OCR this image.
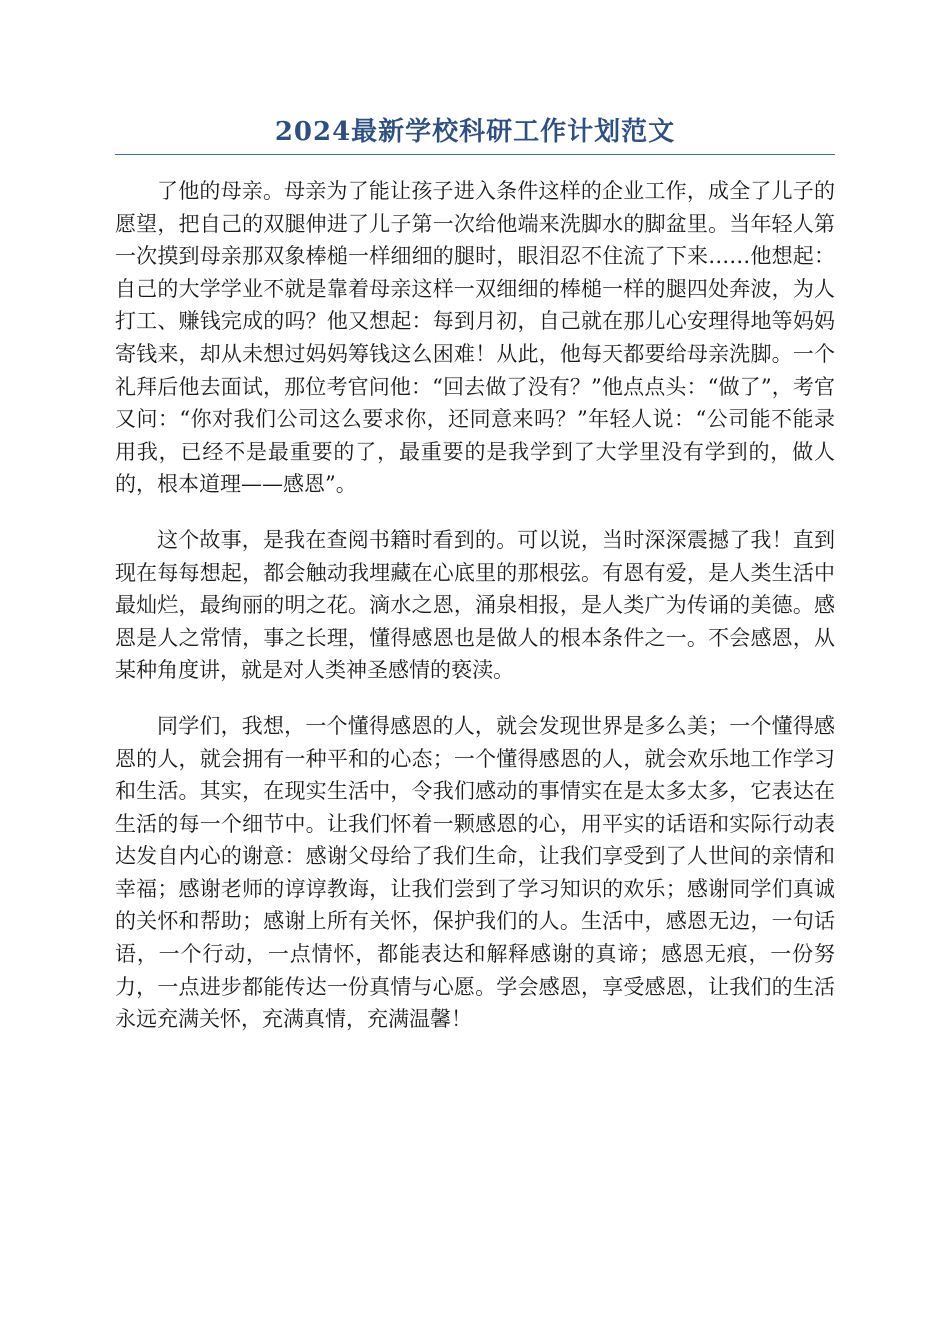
2024最新学校科研工作计划范文

了他的母亲。母亲为了能让孩子进入条件这样的企业工作，成全了儿子的愿望，把自己的双腿伸进了儿子第一次给他端来洗脚水的脚盆里。当年轻人第一次摸到母亲那双象棒槌一样细细的腿时，眼泪忍不住流了下来……他想起：自己的大学学业不就是靠着母亲这样一双细细的棒槌一样的腿四处奔波，为人打工、赚钱完成的吗？他又想起：每到月初，自己就在那儿心安理得地等妈妈寄钱来，却从未想过妈妈筹钱这么困难！从此，他每天都要给母亲洗脚。一个礼拜后他去面试，那位考官问他：“回去做了没有？”他点点头：“做了”，考官又问：“你对我们公司这么要求你，还同意来吗？”年轻人说：“公司能不能录用我，已经不是最重要的了，最重要的是我学到了大学里没有学到的，做人的，根本道理——感恩”。

这个故事，是我在查阅书籍时看到的。可以说，当时深深震撼了我！直到现在每每想起，都会触动我埋藏在心底里的那根弦。有恩有爱，是人类生活中最灿烂，最绚丽的明之花。滴水之恩，涌泉相报，是人类广为传诵的美德。感恩是人之常情，事之长理，懂得感恩也是做人的根本条件之一。不会感恩，从某种角度讲，就是对人类神圣感情的亵渎。

同学们，我想，一个懂得感恩的人，就会发现世界是多么美；一个懂得感恩的人，就会拥有一种平和的心态；一个懂得感恩的人，就会欢乐地工作学习和生活。其实，在现实生活中，令我们感动的事情实在是太多太多，它表达在生活的每一个细节中。让我们怀着一颗感恩的心，用平实的话语和实际行动表达发自内心的谢意：感谢父母给了我们生命，让我们享受到了人世间的亲情和幸福；感谢老师的谆谆教诲，让我们尝到了学习知识的欢乐；感谢同学们真诚的关怀和帮助；感谢上所有关怀，保护我们的人。生活中，感恩无边，一句话语，一个行动，一点情怀，都能表达和解释感谢的真谛；感恩无痕，一份努力，一点进步都能传达一份真情与心愿。学会感恩，享受感恩，让我们的生活永远充满关怀，充满真情，充满温馨！
